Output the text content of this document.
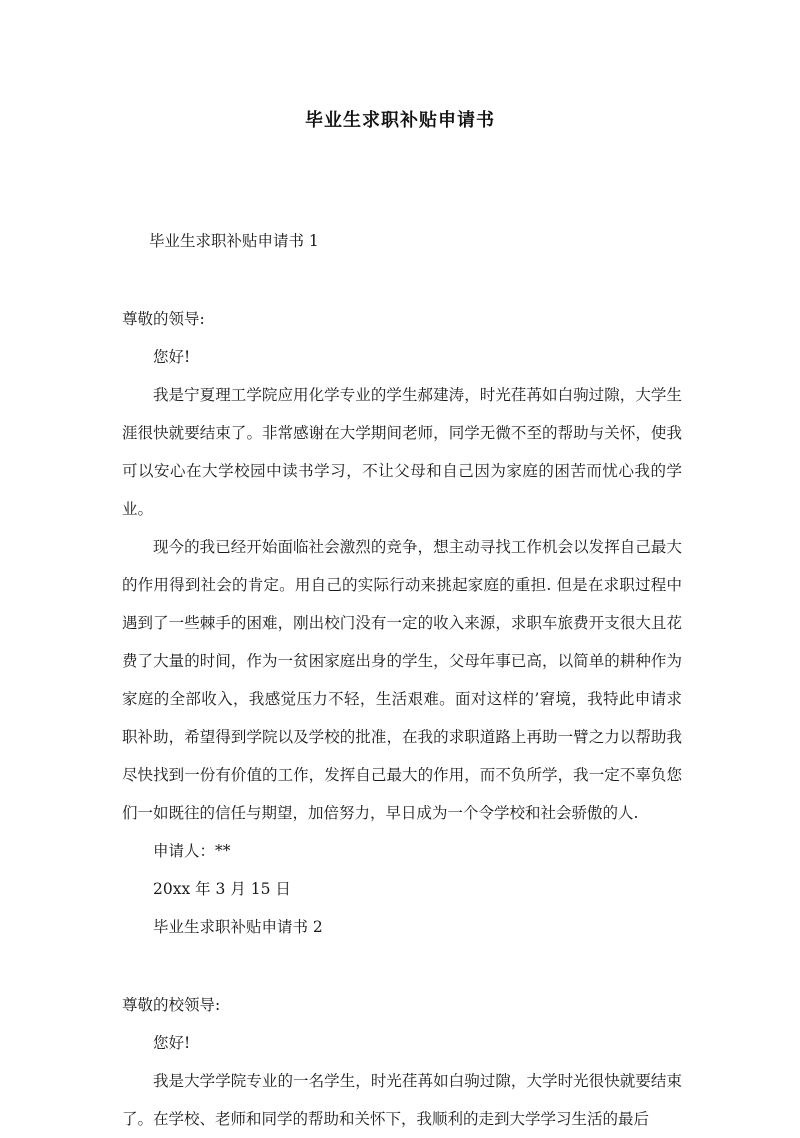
毕业生求职补贴申请书

毕业生求职补贴申请书 1

尊敬的领导:

您好!

我是宁夏理工学院应用化学专业的学生郝建涛，时光荏苒如白驹过隙，大学生涯很快就要结束了。非常感谢在大学期间老师，同学无微不至的帮助与关怀，使我可以安心在大学校园中读书学习，不让父母和自己因为家庭的困苦而忧心我的学业。

现今的我已经开始面临社会激烈的竞争，想主动寻找工作机会以发挥自己最大的作用得到社会的肯定。用自己的实际行动来挑起家庭的重担. 但是在求职过程中遇到了一些棘手的困难，刚出校门没有一定的收入来源，求职车旅费开支很大且花费了大量的时间，作为一贫困家庭出身的学生，父母年事已高，以简单的耕种作为家庭的全部收入，我感觉压力不轻，生活艰难。面对这样的’窘境，我特此申请求职补助，希望得到学院以及学校的批准，在我的求职道路上再助一臂之力以帮助我尽快找到一份有价值的工作，发挥自己最大的作用，而不负所学，我一定不辜负您们一如既往的信任与期望，加倍努力，早日成为一个令学校和社会骄傲的人.

申请人：**

20xx 年 3 月 15 日

毕业生求职补贴申请书 2

尊敬的校领导:

您好!

我是大学学院专业的一名学生，时光荏苒如白驹过隙，大学时光很快就要结束了。在学校、老师和同学的帮助和关怀下，我顺利的走到大学学习生活的最后
